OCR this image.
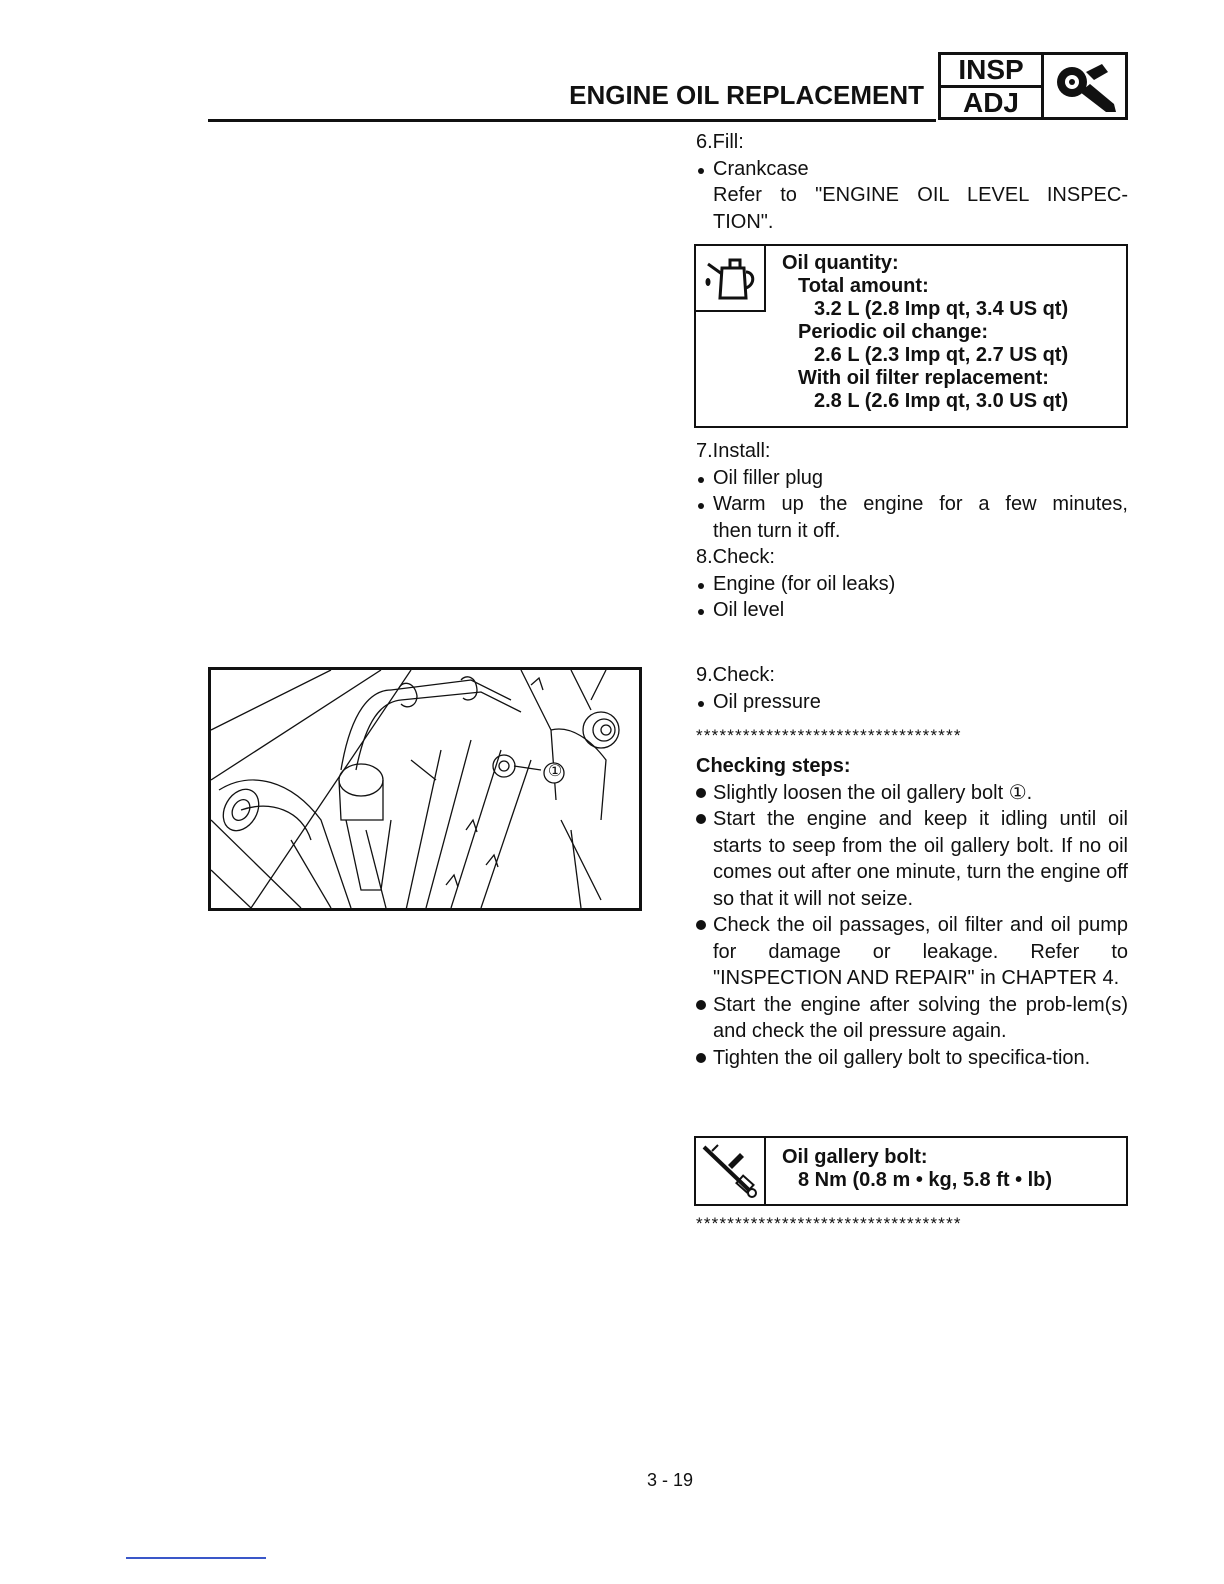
ENGINE OIL REPLACEMENT
INSP
ADJ
6.Fill:
Crankcase
Refer to "ENGINE OIL LEVEL INSPEC-
TION".
Oil quantity:
Total amount:
3.2 L (2.8 Imp qt, 3.4 US qt)
Periodic oil change:
2.6 L (2.3 Imp qt, 2.7 US qt)
With oil filter replacement:
2.8 L (2.6 Imp qt, 3.0 US qt)
7.Install:
Oil filler plug
Warm up the engine for a few minutes,
then turn it off.
8.Check:
Engine (for oil leaks)
Oil level
9.Check:
Oil pressure
**********************************
Checking steps:
Slightly loosen the oil gallery bolt ①.
Start the engine and keep it idling until oil starts to seep from the oil gallery bolt. If no oil comes out after one minute, turn the engine off so that it will not seize.
Check the oil passages, oil filter and oil pump for damage or leakage. Refer to "INSPECTION AND REPAIR" in CHAPTER 4.
Start the engine after solving the prob-lem(s) and check the oil pressure again.
Tighten the oil gallery bolt to specifica-tion.
Oil gallery bolt:
8 Nm (0.8 m • kg, 5.8 ft • lb)
**********************************
①
3 - 19
